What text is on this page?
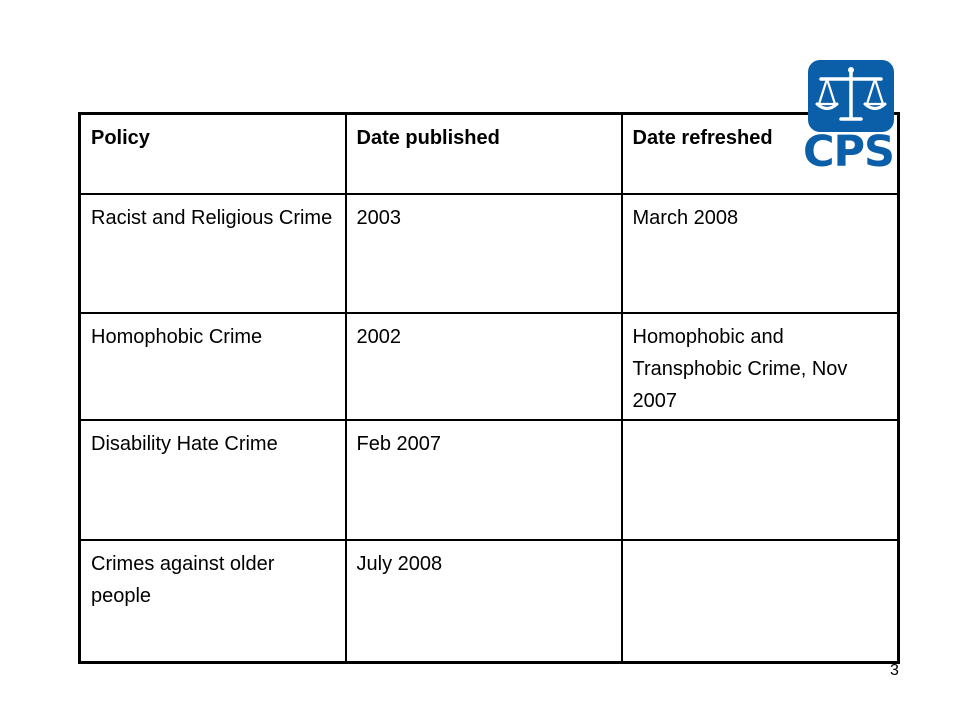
Policy	Date published	Date refreshed
Racist and Religious Crime	2003	March 2008
Homophobic Crime	2002	Homophobic and Transphobic Crime, Nov 2007
Disability Hate Crime	Feb 2007	
Crimes against older people	July 2008	
CPS
3
